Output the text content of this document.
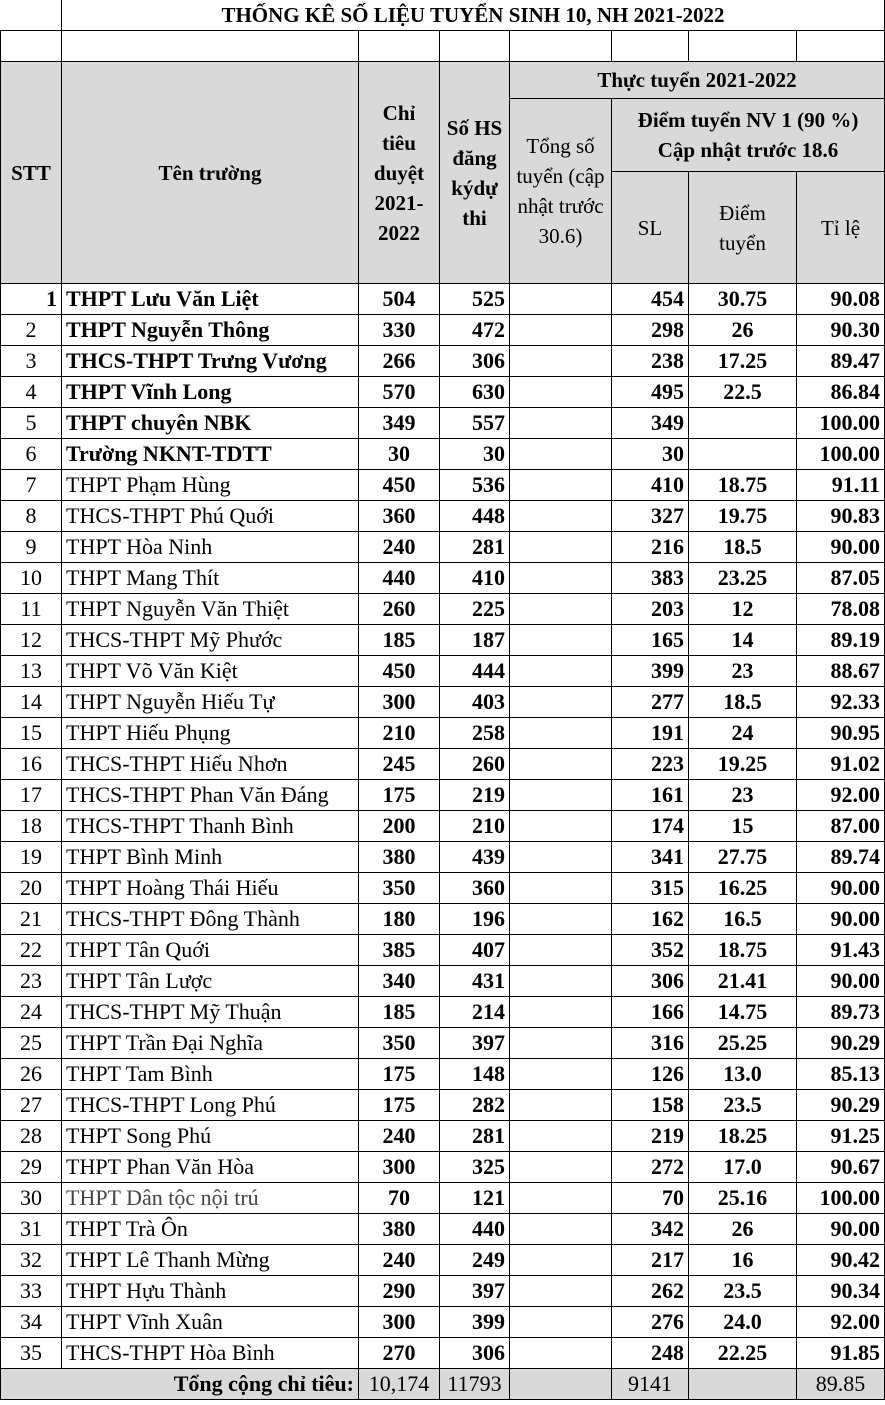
	THỐNG KÊ SỐ LIỆU TUYỂN SINH 10, NH 2021-2022						

STT	Tên trường	Chỉ tiêu duyệt 2021-2022	Số HS đăng kýdự thi	Thực tuyển 2021-2022			
				Tổng số tuyển (cập nhật trước 30.6)	Điểm tuyển NV 1 (90 %)
Cập nhật trước 18.6		

					SL	Điểm tuyển	Tỉ lệ
1	THPT Lưu Văn Liệt	504	525		454	30.75	90.08
2	THPT Nguyễn Thông	330	472		298	26	90.30
3	THCS-THPT Trưng Vương	266	306		238	17.25	89.47
4	THPT Vĩnh Long	570	630		495	22.5	86.84
5	THPT chuyên NBK	349	557		349		100.00
6	Trường NKNT-TDTT	30	30		30		100.00
7	THPT Phạm Hùng	450	536		410	18.75	91.11
8	THCS-THPT Phú Quới	360	448		327	19.75	90.83
9	THPT Hòa Ninh	240	281		216	18.5	90.00
10	THPT Mang Thít	440	410		383	23.25	87.05
11	THPT Nguyễn Văn Thiệt	260	225		203	12	78.08
12	THCS-THPT Mỹ Phước	185	187		165	14	89.19
13	THPT Võ Văn Kiệt	450	444		399	23	88.67
14	THPT Nguyễn Hiếu Tự	300	403		277	18.5	92.33
15	THPT Hiếu Phụng	210	258		191	24	90.95
16	THCS-THPT Hiếu Nhơn	245	260		223	19.25	91.02
17	THCS-THPT Phan Văn Đáng	175	219		161	23	92.00
18	THCS-THPT Thanh Bình	200	210		174	15	87.00
19	THPT Bình Minh	380	439		341	27.75	89.74
20	THPT Hoàng Thái Hiếu	350	360		315	16.25	90.00
21	THCS-THPT Đông Thành	180	196		162	16.5	90.00
22	THPT Tân Quới	385	407		352	18.75	91.43
23	THPT Tân Lược	340	431		306	21.41	90.00
24	THCS-THPT Mỹ Thuận	185	214		166	14.75	89.73
25	THPT Trần Đại Nghĩa	350	397		316	25.25	90.29
26	THPT Tam Bình	175	148		126	13.0	85.13
27	THCS-THPT Long Phú	175	282		158	23.5	90.29
28	THPT Song Phú	240	281		219	18.25	91.25
29	THPT Phan Văn Hòa	300	325		272	17.0	90.67
30	THPT Dân tộc nội trú	70	121		70	25.16	100.00
31	THPT Trà Ôn	380	440		342	26	90.00
32	THPT Lê Thanh Mừng	240	249		217	16	90.42
33	THPT Hựu Thành	290	397		262	23.5	90.34
34	THPT Vĩnh Xuân	300	399		276	24.0	92.00
35	THCS-THPT Hòa Bình	270	306		248	22.25	91.85
Tổng cộng chỉ tiêu:		10,174	11793		9141		89.85
